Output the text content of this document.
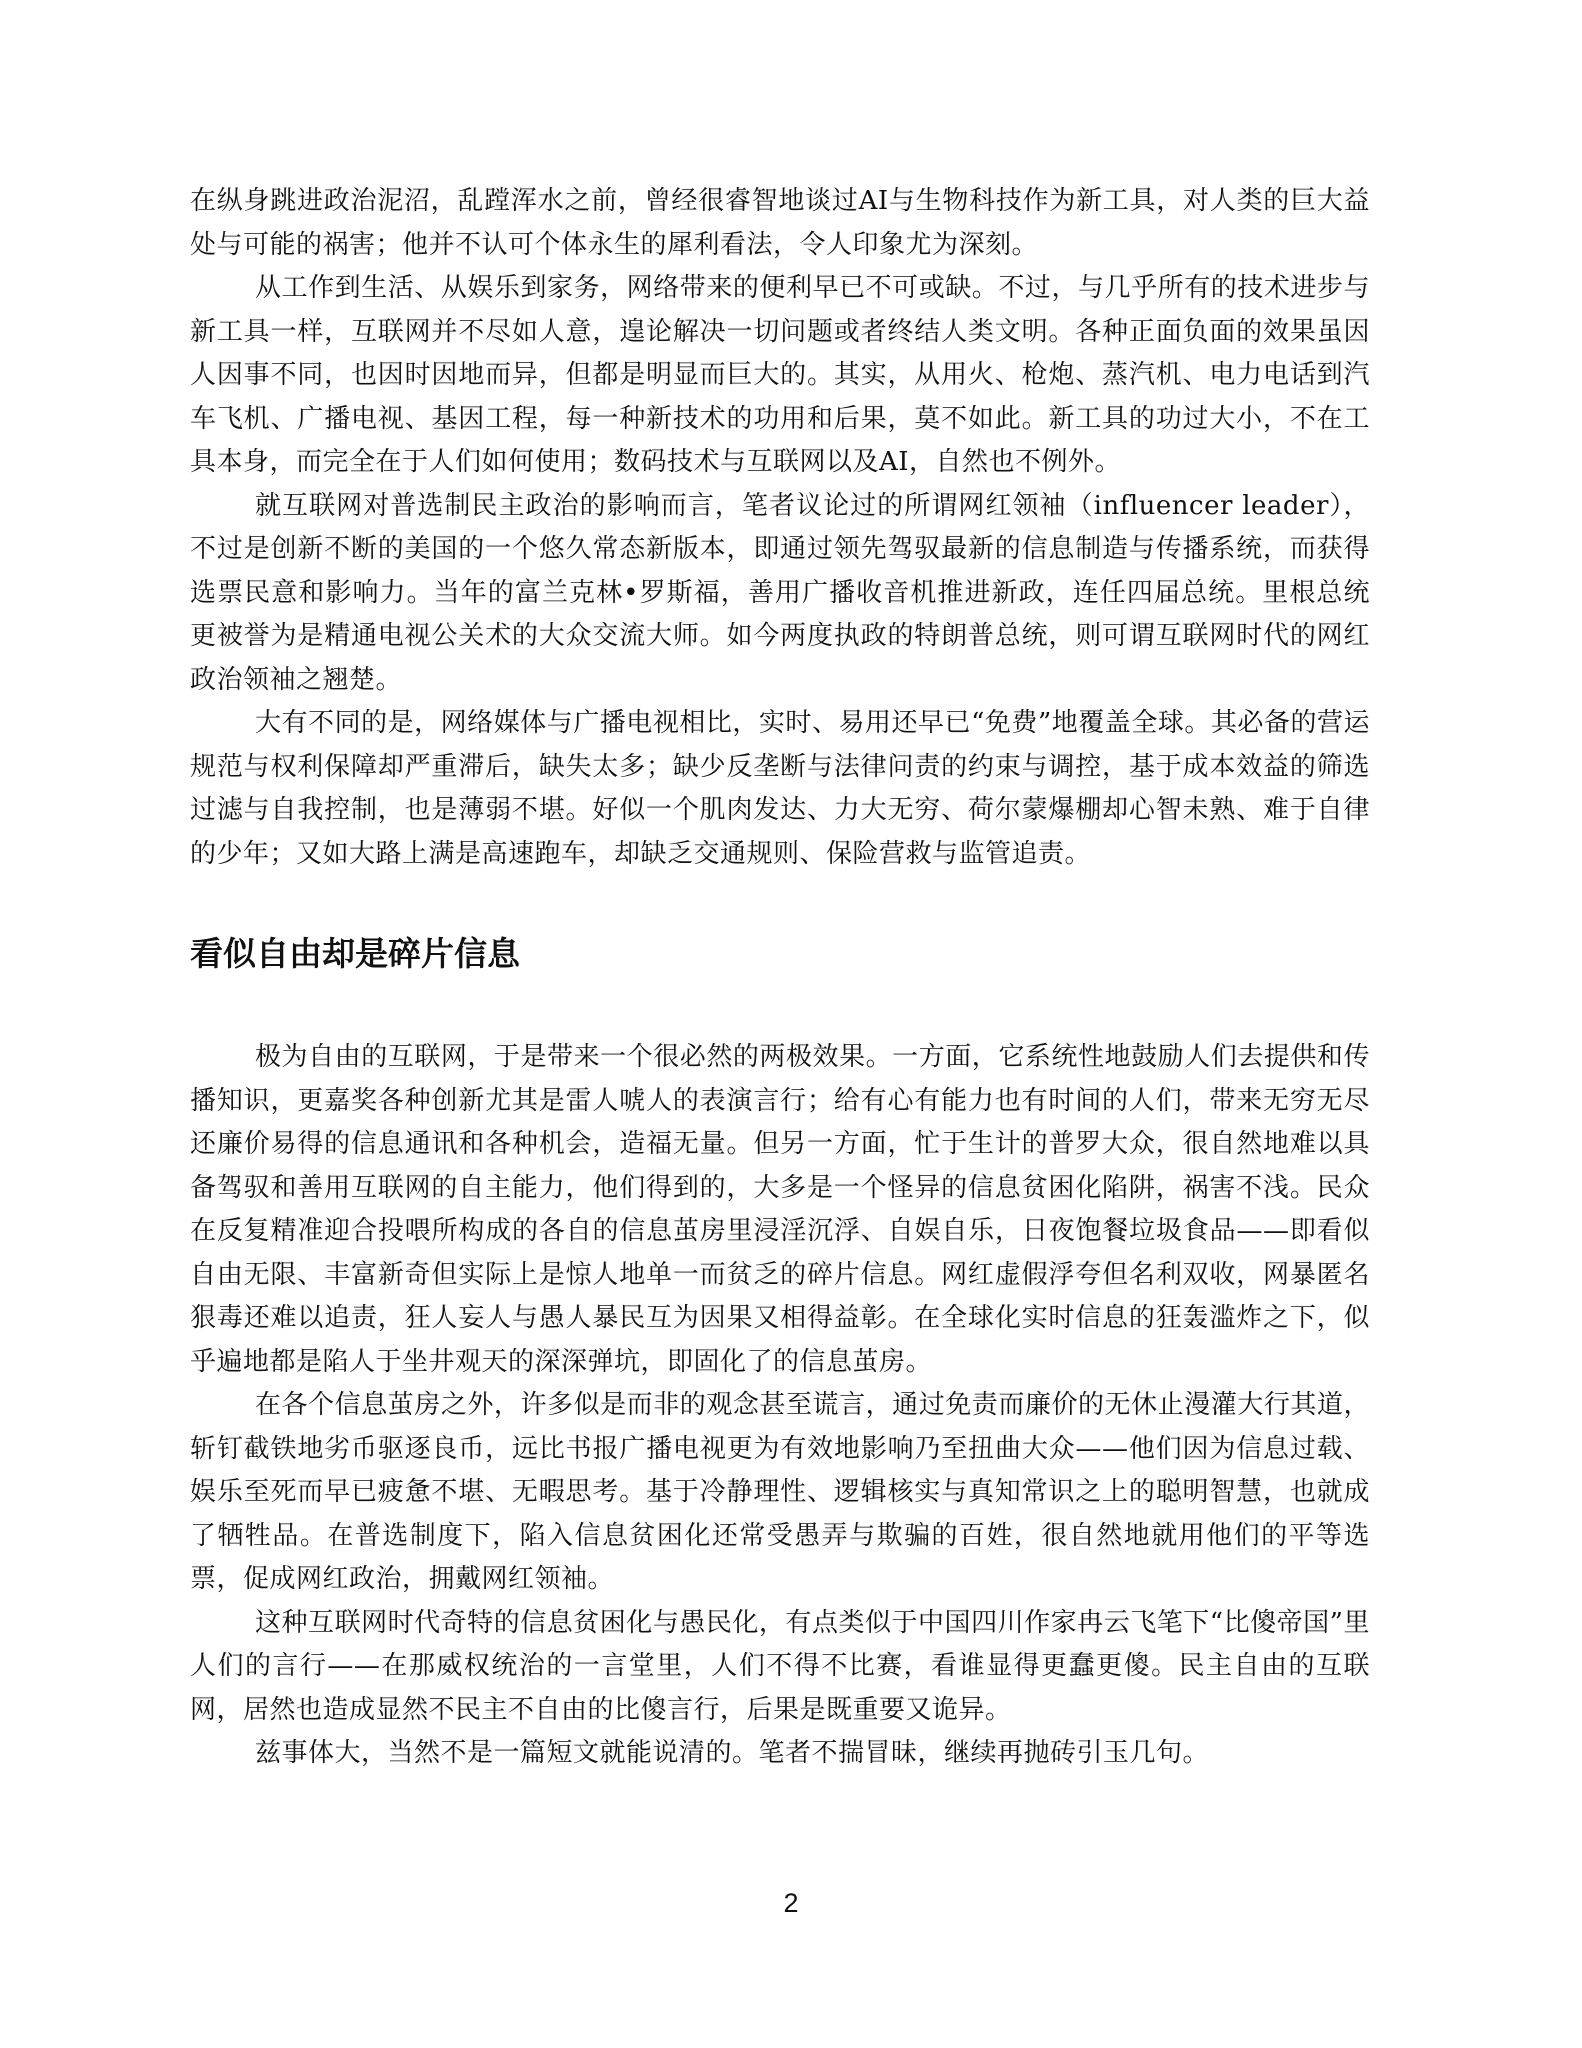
在纵身跳进政治泥沼，乱蹚浑水之前，曾经很睿智地谈过AI与生物科技作为新工具，对人类的巨大益处与可能的祸害；他并不认可个体永生的犀利看法，令人印象尤为深刻。

从工作到生活、从娱乐到家务，网络带来的便利早已不可或缺。不过，与几乎所有的技术进步与新工具一样，互联网并不尽如人意，遑论解决一切问题或者终结人类文明。各种正面负面的效果虽因人因事不同，也因时因地而异，但都是明显而巨大的。其实，从用火、枪炮、蒸汽机、电力电话到汽车飞机、广播电视、基因工程，每一种新技术的功用和后果，莫不如此。新工具的功过大小，不在工具本身，而完全在于人们如何使用；数码技术与互联网以及AI，自然也不例外。

就互联网对普选制民主政治的影响而言，笔者议论过的所谓网红领袖（influencer leader），不过是创新不断的美国的一个悠久常态新版本，即通过领先驾驭最新的信息制造与传播系统，而获得选票民意和影响力。当年的富兰克林•罗斯福，善用广播收音机推进新政，连任四届总统。里根总统更被誉为是精通电视公关术的大众交流大师。如今两度执政的特朗普总统，则可谓互联网时代的网红政治领袖之翘楚。

大有不同的是，网络媒体与广播电视相比，实时、易用还早已“免费”地覆盖全球。其必备的营运规范与权利保障却严重滞后，缺失太多；缺少反垄断与法律问责的约束与调控，基于成本效益的筛选过滤与自我控制，也是薄弱不堪。好似一个肌肉发达、力大无穷、荷尔蒙爆棚却心智未熟、难于自律的少年；又如大路上满是高速跑车，却缺乏交通规则、保险营救与监管追责。

看似自由却是碎片信息

极为自由的互联网，于是带来一个很必然的两极效果。一方面，它系统性地鼓励人们去提供和传播知识，更嘉奖各种创新尤其是雷人唬人的表演言行；给有心有能力也有时间的人们，带来无穷无尽还廉价易得的信息通讯和各种机会，造福无量。但另一方面，忙于生计的普罗大众，很自然地难以具备驾驭和善用互联网的自主能力，他们得到的，大多是一个怪异的信息贫困化陷阱，祸害不浅。民众在反复精准迎合投喂所构成的各自的信息茧房里浸淫沉浮、自娱自乐，日夜饱餐垃圾食品——即看似自由无限、丰富新奇但实际上是惊人地单一而贫乏的碎片信息。网红虚假浮夸但名利双收，网暴匿名狠毒还难以追责，狂人妄人与愚人暴民互为因果又相得益彰。在全球化实时信息的狂轰滥炸之下，似乎遍地都是陷人于坐井观天的深深弹坑，即固化了的信息茧房。

在各个信息茧房之外，许多似是而非的观念甚至谎言，通过免责而廉价的无休止漫灌大行其道，斩钉截铁地劣币驱逐良币，远比书报广播电视更为有效地影响乃至扭曲大众——他们因为信息过载、娱乐至死而早已疲惫不堪、无暇思考。基于冷静理性、逻辑核实与真知常识之上的聪明智慧，也就成了牺牲品。在普选制度下，陷入信息贫困化还常受愚弄与欺骗的百姓，很自然地就用他们的平等选票，促成网红政治，拥戴网红领袖。

这种互联网时代奇特的信息贫困化与愚民化，有点类似于中国四川作家冉云飞笔下“比傻帝国”里人们的言行——在那威权统治的一言堂里，人们不得不比赛，看谁显得更蠢更傻。民主自由的互联网，居然也造成显然不民主不自由的比傻言行，后果是既重要又诡异。

兹事体大，当然不是一篇短文就能说清的。笔者不揣冒昧，继续再抛砖引玉几句。

2
